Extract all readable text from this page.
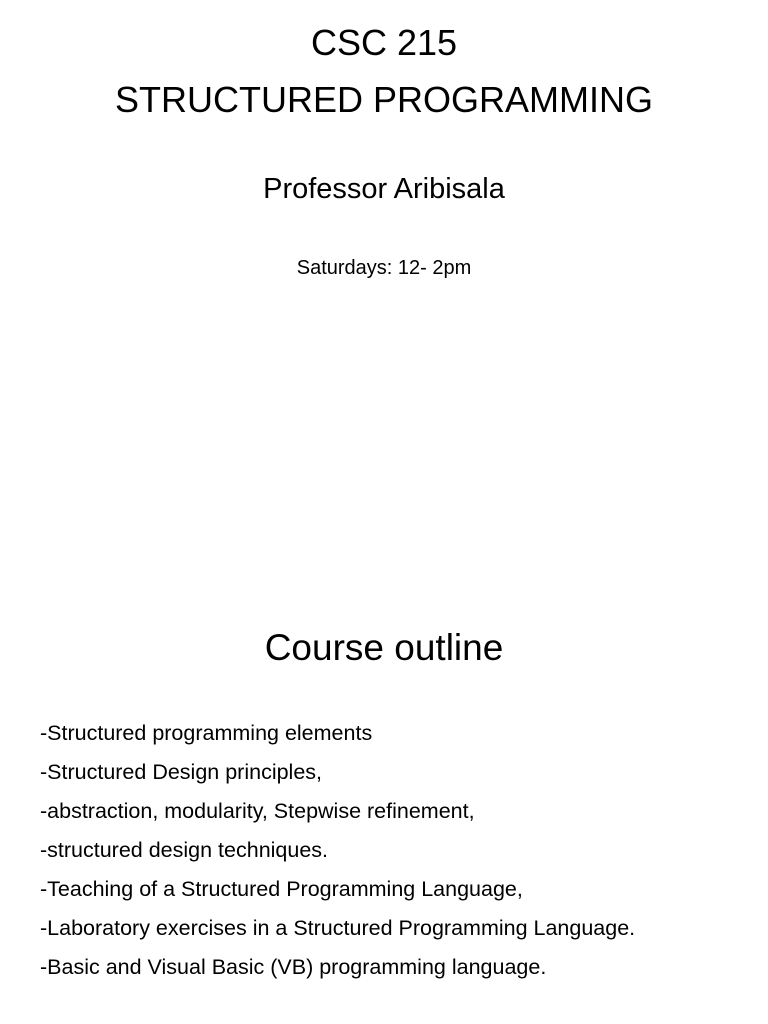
CSC 215
STRUCTURED PROGRAMMING
Professor Aribisala
Saturdays: 12- 2pm
Course outline
-Structured programming elements
-Structured Design principles,
-abstraction, modularity, Stepwise refinement,
-structured design techniques.
-Teaching of a Structured Programming Language,
-Laboratory exercises in a Structured Programming Language.
-Basic and Visual Basic (VB) programming language.
